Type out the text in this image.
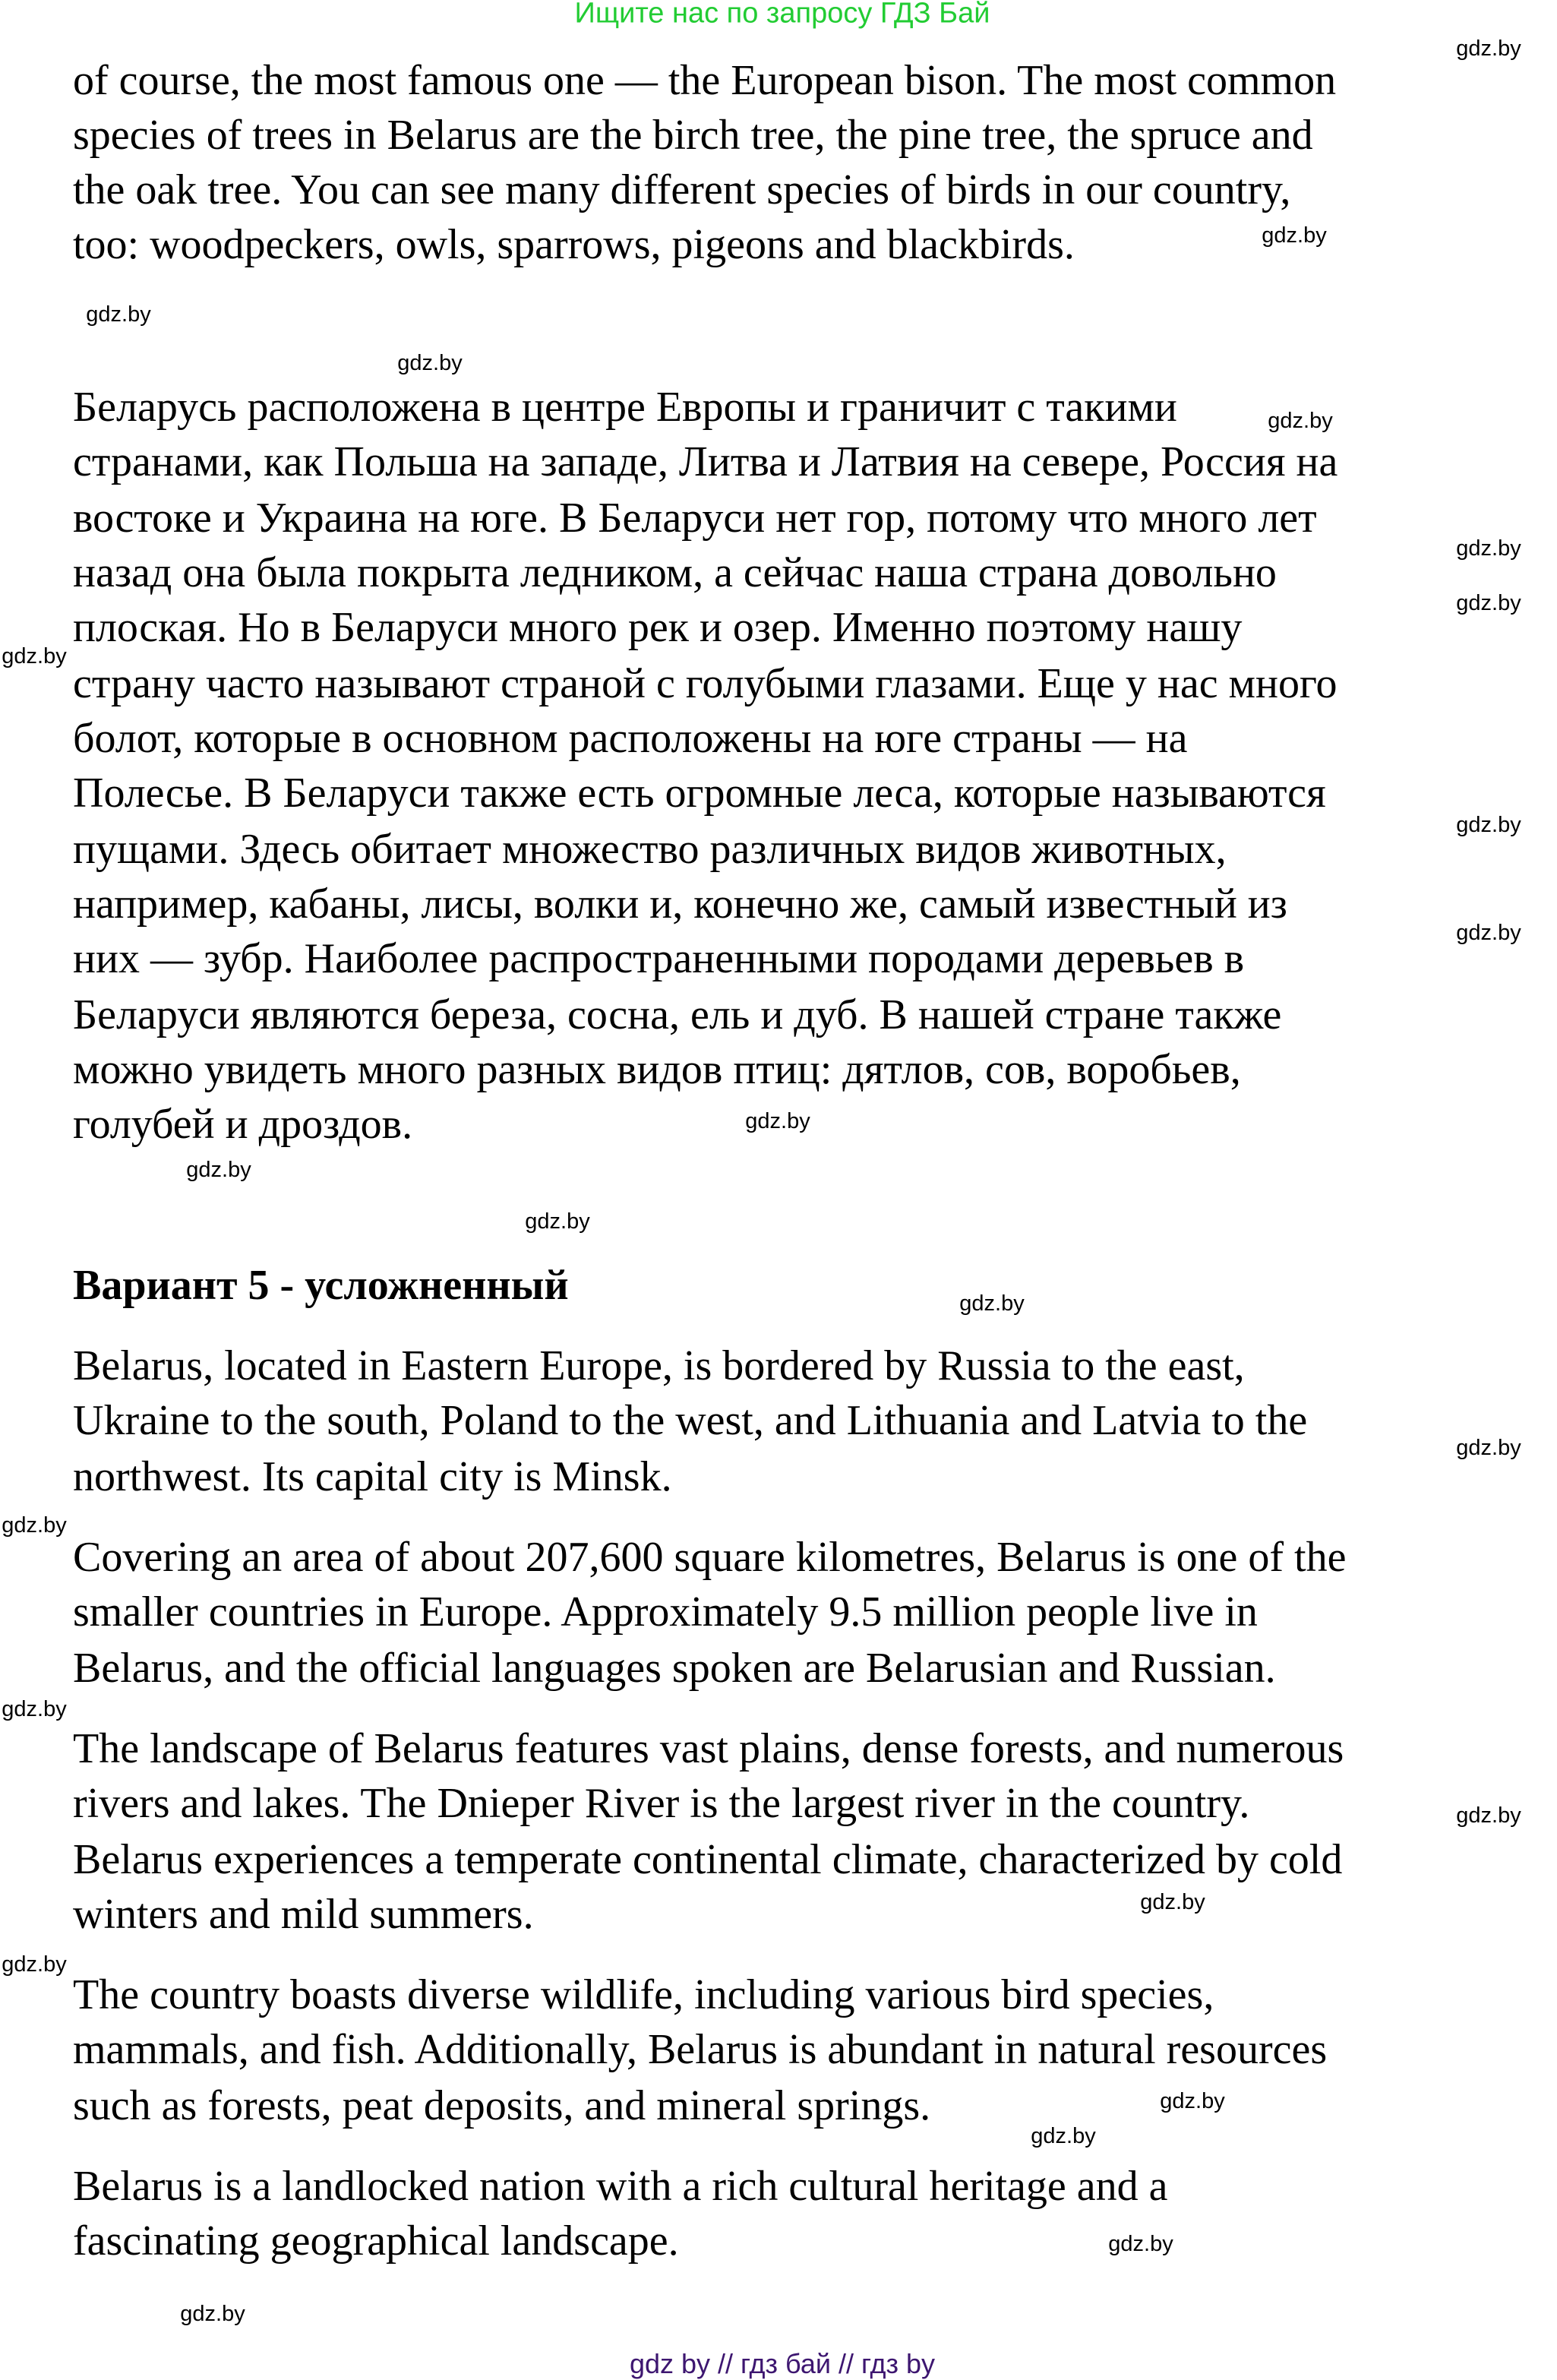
Ищите нас по запросу ГДЗ Бай
of course, the most famous one — the European bison. The most common
species of trees in Belarus are the birch tree, the pine tree, the spruce and
the oak tree. You can see many different species of birds in our country,
too: woodpeckers, owls, sparrows, pigeons and blackbirds.
Беларусь расположена в центре Европы и граничит с такими
странами, как Польша на западе, Литва и Латвия на севере, Россия на
востоке и Украина на юге. В Беларуси нет гор, потому что много лет
назад она была покрыта ледником, а сейчас наша страна довольно
плоская. Но в Беларуси много рек и озер. Именно поэтому нашу
страну часто называют страной с голубыми глазами. Еще у нас много
болот, которые в основном расположены на юге страны — на
Полесье. В Беларуси также есть огромные леса, которые называются
пущами. Здесь обитает множество различных видов животных,
например, кабаны, лисы, волки и, конечно же, самый известный из
них — зубр. Наиболее распространенными породами деревьев в
Беларуси являются береза, сосна, ель и дуб. В нашей стране также
можно увидеть много разных видов птиц: дятлов, сов, воробьев,
голубей и дроздов.
Вариант 5 - усложненный
Belarus, located in Eastern Europe, is bordered by Russia to the east,
Ukraine to the south, Poland to the west, and Lithuania and Latvia to the
northwest. Its capital city is Minsk.
Covering an area of about 207,600 square kilometres, Belarus is one of the
smaller countries in Europe. Approximately 9.5 million people live in
Belarus, and the official languages spoken are Belarusian and Russian.
The landscape of Belarus features vast plains, dense forests, and numerous
rivers and lakes. The Dnieper River is the largest river in the country.
Belarus experiences a temperate continental climate, characterized by cold
winters and mild summers.
The country boasts diverse wildlife, including various bird species,
mammals, and fish. Additionally, Belarus is abundant in natural resources
such as forests, peat deposits, and mineral springs.
Belarus is a landlocked nation with a rich cultural heritage and a
fascinating geographical landscape.
gdz.by
gdz.by
gdz.by
gdz.by
gdz.by
gdz.by
gdz.by
gdz.by
gdz.by
gdz.by
gdz.by
gdz.by
gdz.by
gdz.by
gdz.by
gdz.by
gdz.by
gdz.by
gdz.by
gdz.by
gdz.by
gdz.by
gdz.by
gdz.by
gdz by // гдз бай // гдз by
